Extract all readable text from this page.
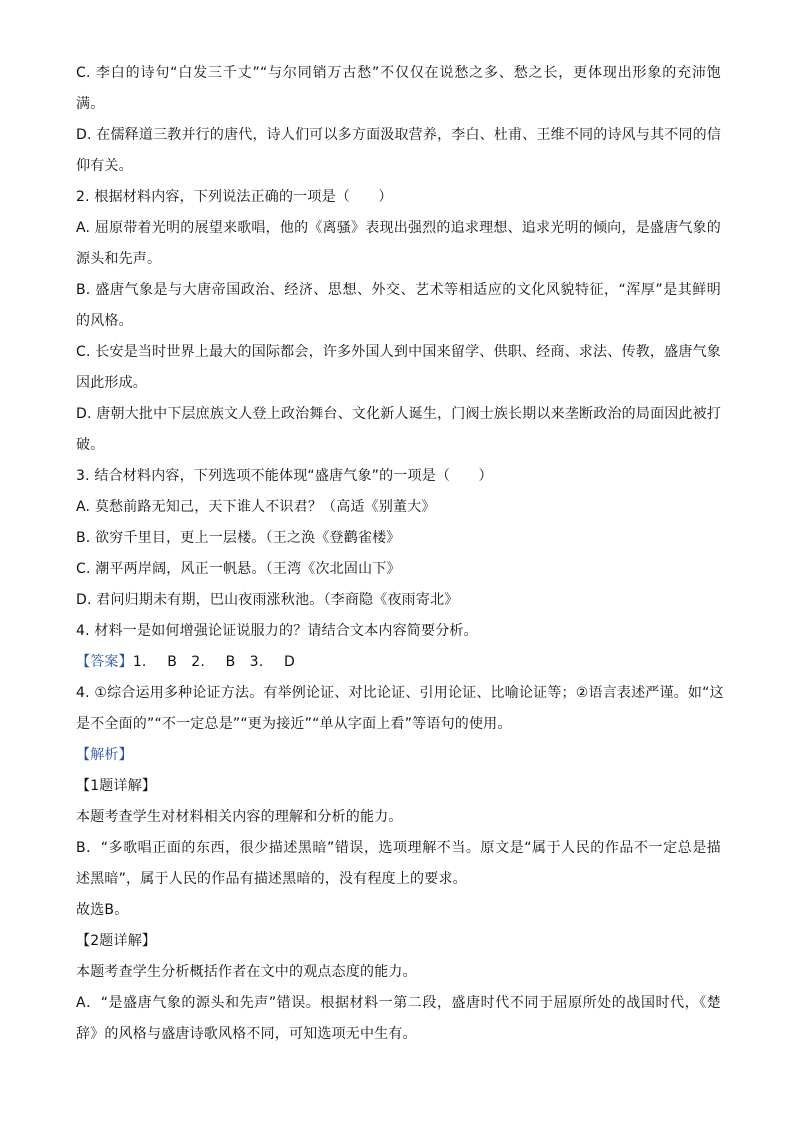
C. 李白的诗句“白发三千丈”“与尔同销万古愁”不仅仅在说愁之多、愁之长，更体现出形象的充沛饱
满。
D. 在儒释道三教并行的唐代，诗人们可以多方面汲取营养，李白、杜甫、王维不同的诗风与其不同的信
仰有关。
2. 根据材料内容，下列说法正确的一项是（　　）
A. 屈原带着光明的展望来歌唱，他的《离骚》表现出强烈的追求理想、追求光明的倾向，是盛唐气象的
源头和先声。
B. 盛唐气象是与大唐帝国政治、经济、思想、外交、艺术等相适应的文化风貌特征，“浑厚”是其鲜明
的风格。
C. 长安是当时世界上最大的国际都会，许多外国人到中国来留学、供职、经商、求法、传教，盛唐气象
因此形成。
D. 唐朝大批中下层庶族文人登上政治舞台、文化新人诞生，门阀士族长期以来垄断政治的局面因此被打
破。
3. 结合材料内容，下列选项不能体现“盛唐气象”的一项是（　　）
A. 莫愁前路无知己，天下谁人不识君？（高适《别董大》
B. 欲穷千里目，更上一层楼。（王之涣《登鹳雀楼》
C. 潮平两岸阔，风正一帆悬。（王湾《次北固山下》
D. 君问归期未有期，巴山夜雨涨秋池。（李商隐《夜雨寄北》
4. 材料一是如何增强论证说服力的？请结合文本内容简要分析。
【答案】1. B　2. B　3. D
4. ①综合运用多种论证方法。有举例论证、对比论证、引用论证、比喻论证等；②语言表述严谨。如“这
是不全面的”“不一定总是”“更为接近”“单从字面上看”等语句的使用。
【解析】
【1题详解】
本题考查学生对材料相关内容的理解和分析的能力。
B．“多歌唱正面的东西，很少描述黑暗”错误，选项理解不当。原文是“属于人民的作品不一定总是描
述黑暗”，属于人民的作品有描述黑暗的，没有程度上的要求。
故选B。
【2题详解】
本题考查学生分析概括作者在文中的观点态度的能力。
A．“是盛唐气象的源头和先声”错误。根据材料一第二段，盛唐时代不同于屈原所处的战国时代，《楚
辞》的风格与盛唐诗歌风格不同，可知选项无中生有。
